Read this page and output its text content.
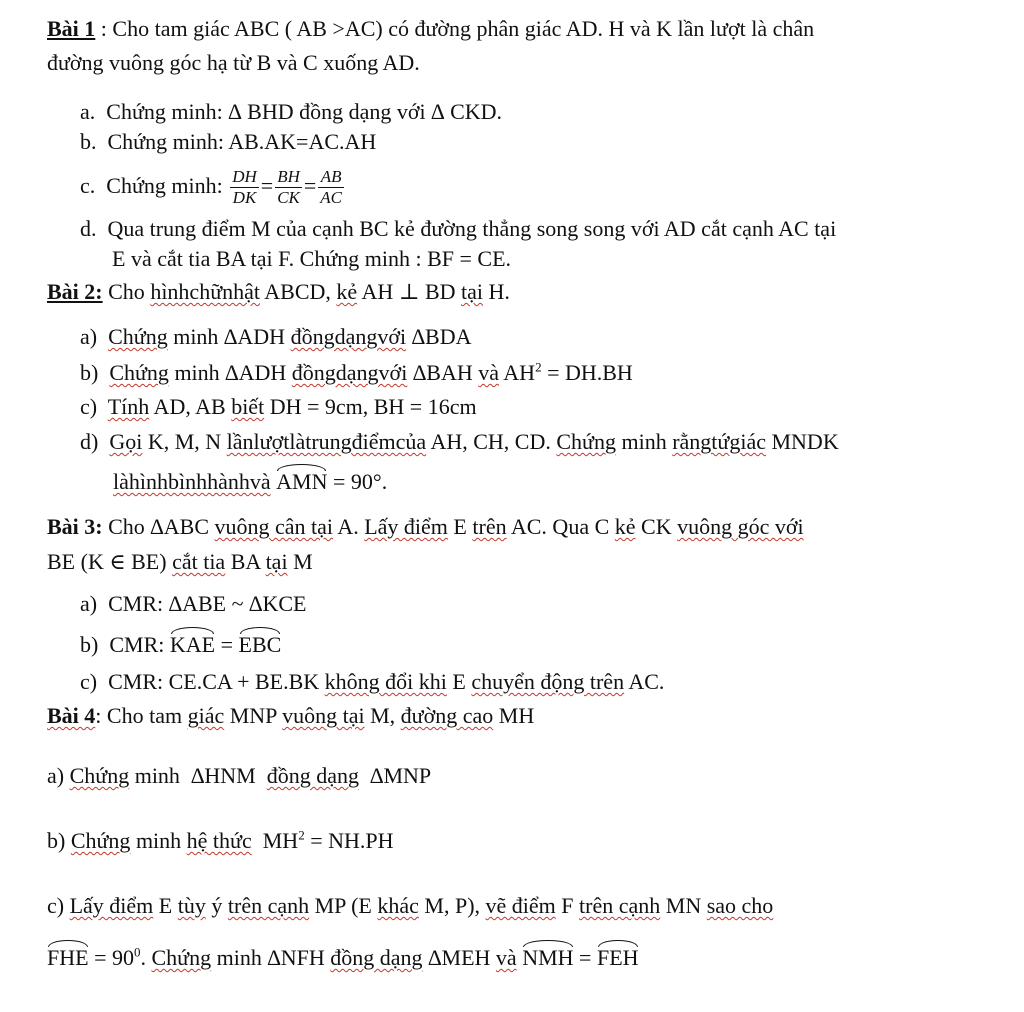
Bài 1 : Cho tam giác ABC ( AB >AC) có đường phân giác AD. H và K lần lượt là chân
đường vuông góc hạ từ B và C xuống AD.
a. Chứng minh: ∆ BHD đồng dạng với ∆ CKD.
b. Chứng minh: AB.AK=AC.AH
c. Chứng minh: $\frac{DH}{DK} = \frac{BH}{CK} = \frac{AB}{AC}$
d. Qua trung điểm M của cạnh BC kẻ đường thẳng song song với AD cắt cạnh AC tại
E và cắt tia BA tại F. Chứng minh : BF = CE.
Bài 2: Cho hìnhchữnhật ABCD, kẻ AH ⊥ BD tại H.
a) Chứng minh ∆ADH đồngdạngvới ∆BDA
b) Chứng minh ∆ADH đồngdạngvới ∆BAH và $AH^2 = DH.BH$
c) Tính AD, AB biết DH = 9cm, BH = 16cm
d) Gọi K, M, N lầnlượtlàtrungđiểmcủa AH, CH, CD. Chứng minh rằngtứgiác MNDK
làhìnhbìnhhànhvà AMN = 90°.
Bài 3: Cho ∆ABC vuông cân tại A. Lấy điểm E trên AC. Qua C kẻ CK vuông góc với
BE (K ∈ BE) cắt tia BA tại M
a) CMR: ∆ABE ~ ∆KCE
b) CMR: KAE = EBC
c) CMR: CE.CA + BE.BK không đổi khi E chuyển động trên AC.
Bài 4: Cho tam giác MNP vuông tại M, đường cao MH
a) Chứng minh  ∆HNM đồng dạng ∆MNP
b) Chứng minh hệ thức $MH^2 = NH.PH$
c) Lấy điểm E tùy ý trên cạnh MP (E khác M, P), vẽ điểm F trên cạnh MN sao cho
FHE = $90^0$. Chứng minh ∆NFH đồng dạng ∆MEH và NMH = FEH
